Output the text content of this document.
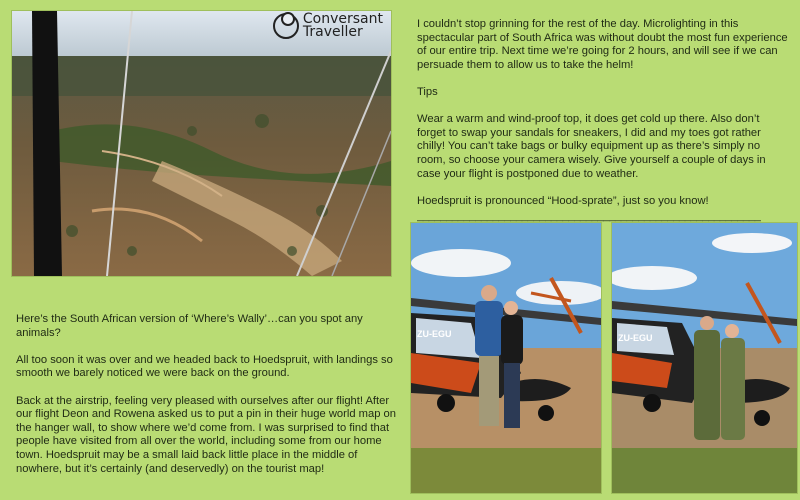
Conversant
Traveller	I couldn’t stop grinning for the rest of the day. Microlighting in this spectacular part of South Africa was without doubt the most fun experience of our entire trip. Next time we’re going for 2 hours, and will see if we can persuade them to allow us to take the helm!

Tips

Wear a warm and wind-proof top, it does get cold up there. Also don’t forget to swap your sandals for sneakers, I did and my toes got rather chilly! You can’t take bags or bulky equipment up as there’s simply no room, so choose your camera wisely. Give yourself a couple of days in case your flight is postponed due to weather.

Hoedspruit is pronounced “Hood-sprate”, just so you know!

___________________________________________________________
ZU-EGU	ZU-EGU

Here’s the South African version of ‘Where’s Wally’…can you spot any animals?

All too soon it was over and we headed back to Hoedspruit, with landings so smooth we barely noticed we were back on the ground.

Back at the airstrip, feeling very pleased with ourselves after our flight! After our flight Deon and Rowena asked us to put a pin in their huge world map on the hanger wall, to show where we’d come from. I was surprised to find that people have visited from all over the world, including some from our home town. Hoedspruit may be a small laid back little place in the middle of nowhere, but it’s certainly (and deservedly) on the tourist map!
